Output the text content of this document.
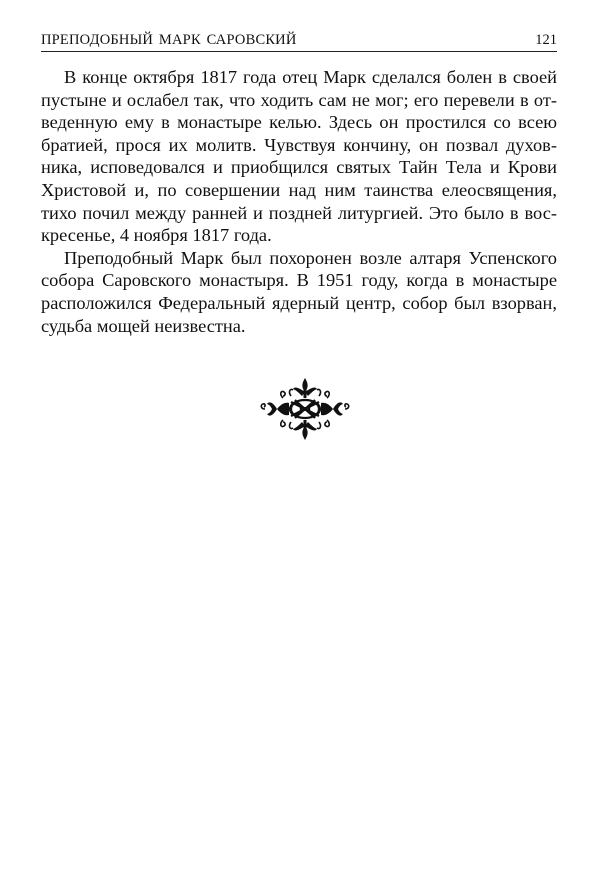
ПРЕПОДОБНЫЙ МАРК САРОВСКИЙ	121
В конце октября 1817 года отец Марк сделался болен в своей
пустыне и ослабел так, что ходить сам не мог; его перевели в от-
веденную ему в монастыре келью. Здесь он простился со всею
братией, прося их молитв. Чувствуя кончину, он позвал духов-
ника, исповедовался и приобщился святых Тайн Тела и Крови
Христовой и, по совершении над ним таинства елеосвящения,
тихо почил между ранней и поздней литургией. Это было в вос-
кресенье, 4 ноября 1817 года.
Преподобный Марк был похоронен возле алтаря Успенского
собора Саровского монастыря. В 1951 году, когда в монастыре
расположился Федеральный ядерный центр, собор был взорван,
судьба мощей неизвестна.
